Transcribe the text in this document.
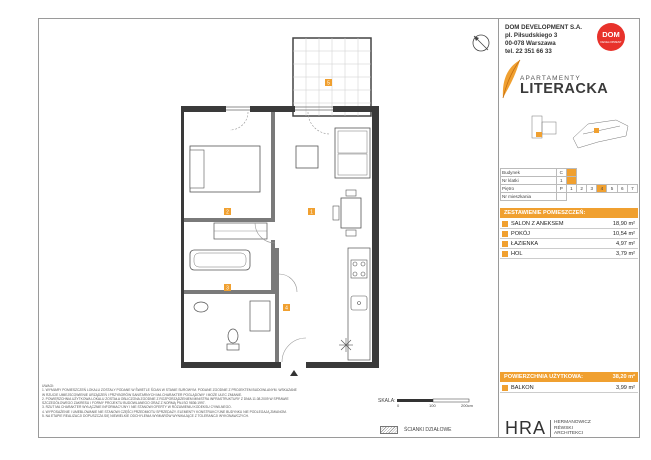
2	1
3
4
5
DOM DEVELOPMENT S.A.
pl. Piłsudskiego 3
00-078 Warszawa
tel. 22 351 66 33
DOM
DEVELOPMENT
APARTAMENTY
LITERACKA
Budynek	C							
Nr klatki	1							
Piętro	P	1	2	3	4	5	6	7
Nr mieszkania								
ZESTAWIENIE POMIESZCZEŃ:
SALON Z ANEKSEM	18,90 m²
POKÓJ	10,54 m²
ŁAZIENKA	4,97 m²
HOL	3,79 m²
POWIERZCHNIA UŻYTKOWA:	38,20 m²
BALKON	3,99 m²
UWAGI:
1. WYMIARY POMIESZCZEŃ LOKALU ZOSTAŁY PODANE W ŚWIETLE ŚCIAN W STANIE SUROWYM. PODANE ZGODNIE Z PROJEKTEM BUDOWLANYM. WSKAZANE
W RZUCIE UMIEJSCOWIENIE URZĄDZEŃ I PRZYBORÓW SANITARNYCH MA CHARAKTER POGLĄDOWY I MOŻE ULEC ZMIANIE.
2. POWIERZCHNIA UŻYTKOWA LOKALU ZOSTAŁA OBLICZONA ZGODNIE Z ROZPORZĄDZENIEM MINISTRA INFRASTRUKTURY Z DNIA 11.08.2009 W SPRAWIE
SZCZEGÓŁOWEGO ZAKRESU I FORMY PROJEKTU BUDOWLANEGO ORAZ Z NORMĄ PN-ISO 9836:1997.
3. RZUT MA CHARAKTER WYŁĄCZNIE INFORMACYJNY I NIE STANOWI OFERTY W ROZUMIENIU KODEKSU CYWILNEGO.
4. WYPOSAŻENIE I UMEBLOWANIE NIE STANOWI CZĘŚCI PRZEDMIOTU SPRZEDAŻY. ELEMENTY KONSTRUKCYJNE BUDYNKU NIE PODLEGAJĄ ZMIANOM.
5. NA ETAPIE REALIZACJI DOPUSZCZA SIĘ NIEWIELKIE ODCHYLENIA WYMIARÓW WYNIKAJĄCE Z TOLERANCJI WYKONAWCZYCH.
SKALA:
0	100	200cm
ŚCIANKI DZIAŁOWE	HRA HERMANOWICZ
RÉWSKI
ARCHITEKCI
